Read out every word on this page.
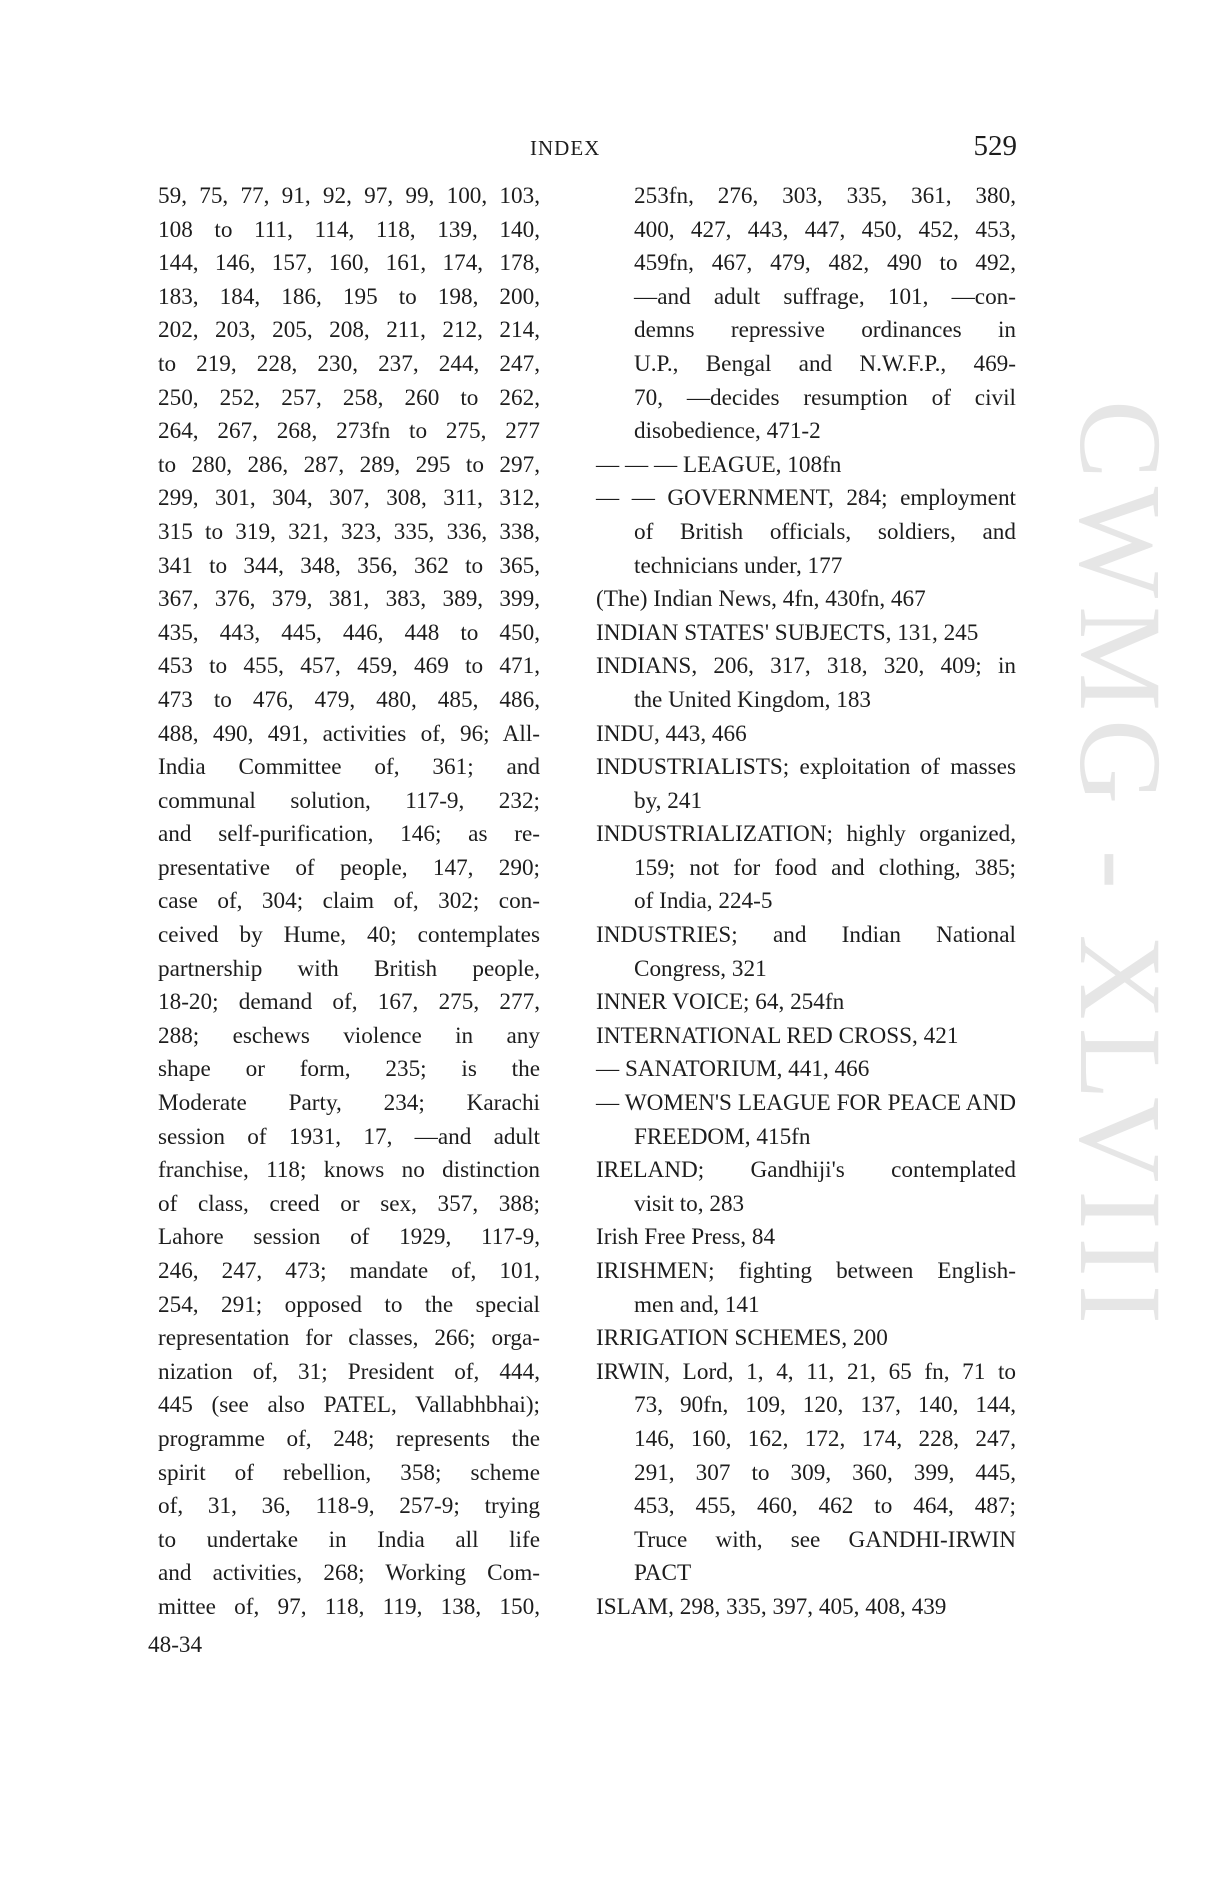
CWMG - XLVIII
INDEX	529
59, 75, 77, 91, 92, 97, 99, 100, 103,
108 to 111, 114, 118, 139, 140,
144, 146, 157, 160, 161, 174, 178,
183, 184, 186, 195 to 198, 200,
202, 203, 205, 208, 211, 212, 214,
to 219, 228, 230, 237, 244, 247,
250, 252, 257, 258, 260 to 262,
264, 267, 268, 273fn to 275, 277
to 280, 286, 287, 289, 295 to 297,
299, 301, 304, 307, 308, 311, 312,
315 to 319, 321, 323, 335, 336, 338,
341 to 344, 348, 356, 362 to 365,
367, 376, 379, 381, 383, 389, 399,
435, 443, 445, 446, 448 to 450,
453 to 455, 457, 459, 469 to 471,
473 to 476, 479, 480, 485, 486,
488, 490, 491, activities of, 96; All-
India Committee of, 361; and
communal solution, 117-9, 232;
and self-purification, 146; as re-
presentative of people, 147, 290;
case of, 304; claim of, 302; con-
ceived by Hume, 40; contemplates
partnership with British people,
18-20; demand of, 167, 275, 277,
288; eschews violence in any
shape or form, 235; is the
Moderate Party, 234; Karachi
session of 1931, 17, —and adult
franchise, 118; knows no distinction
of class, creed or sex, 357, 388;
Lahore session of 1929, 117-9,
246, 247, 473; mandate of, 101,
254, 291; opposed to the special
representation for classes, 266; orga-
nization of, 31; President of, 444,
445 (see also PATEL, Vallabhbhai);
programme of, 248; represents the
spirit of rebellion, 358; scheme
of, 31, 36, 118-9, 257-9; trying
to undertake in India all life
and activities, 268; Working Com-
mittee of, 97, 118, 119, 138, 150,
48-34
253fn, 276, 303, 335, 361, 380,
400, 427, 443, 447, 450, 452, 453,
459fn, 467, 479, 482, 490 to 492,
—and adult suffrage, 101, —con-
demns repressive ordinances in
U.P., Bengal and N.W.F.P., 469-
70, —decides resumption of civil
disobedience, 471-2
— — — LEAGUE, 108fn
— — GOVERNMENT, 284; employment
of British officials, soldiers, and
technicians under, 177
(The) Indian News, 4fn, 430fn, 467
INDIAN STATES' SUBJECTS, 131, 245
INDIANS, 206, 317, 318, 320, 409; in
the United Kingdom, 183
INDU, 443, 466
INDUSTRIALISTS; exploitation of masses
by, 241
INDUSTRIALIZATION; highly organized,
159; not for food and clothing, 385;
of India, 224-5
INDUSTRIES; and Indian National
Congress, 321
INNER VOICE; 64, 254fn
INTERNATIONAL RED CROSS, 421
— SANATORIUM, 441, 466
— WOMEN'S LEAGUE FOR PEACE AND
FREEDOM, 415fn
IRELAND; Gandhiji's contemplated
visit to, 283
Irish Free Press, 84
IRISHMEN; fighting between English-
men and, 141
IRRIGATION SCHEMES, 200
IRWIN, Lord, 1, 4, 11, 21, 65 fn, 71 to
73, 90fn, 109, 120, 137, 140, 144,
146, 160, 162, 172, 174, 228, 247,
291, 307 to 309, 360, 399, 445,
453, 455, 460, 462 to 464, 487;
Truce with, see GANDHI-IRWIN
PACT
ISLAM, 298, 335, 397, 405, 408, 439
